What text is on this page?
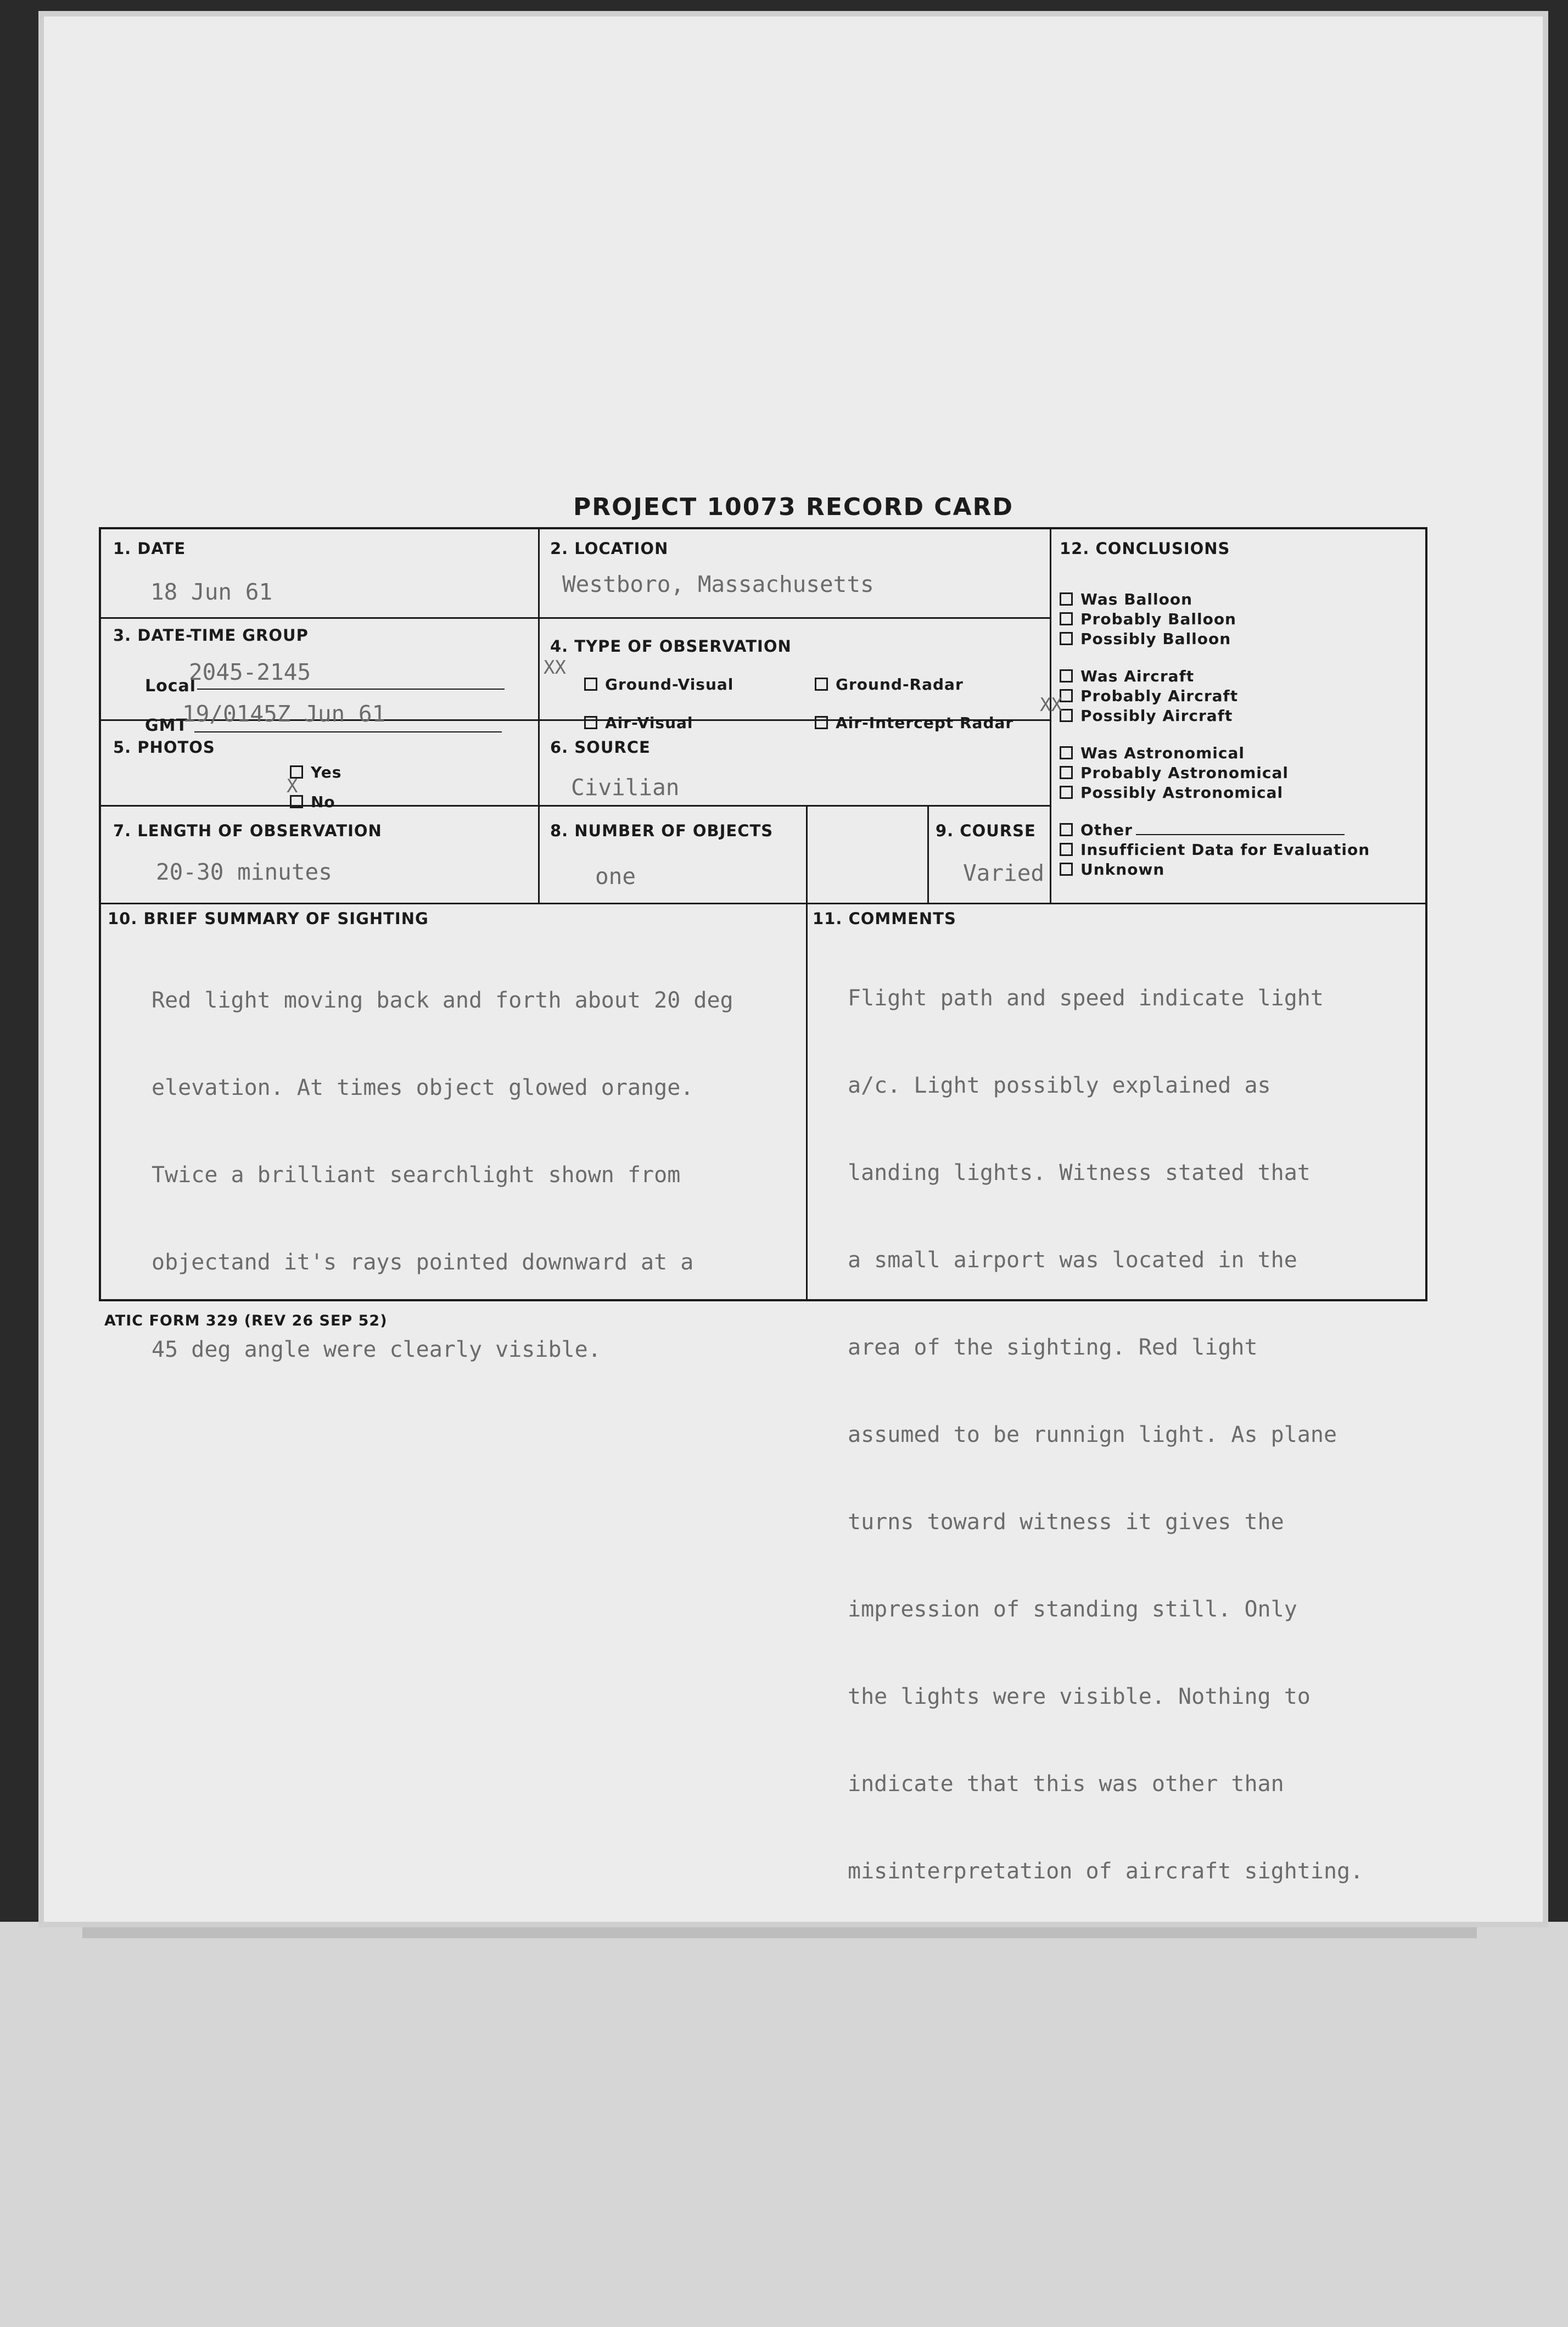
PROJECT 10073 RECORD CARD
1. DATE
18 Jun 61
2. LOCATION
Westboro, Massachusetts
3. DATE-TIME GROUP
Local
2045-2145
GMT
19/0145Z Jun 61
4. TYPE OF OBSERVATION
XX
Ground-Visual	Ground-Radar
Air-Visual	Air-Intercept Radar
5. PHOTOS
Yes
X
No
6. SOURCE
Civilian
7. LENGTH OF OBSERVATION
20-30 minutes
8. NUMBER OF OBJECTS
one
9. COURSE
Varied
10. BRIEF SUMMARY OF SIGHTING

Red light moving back and forth about 20 deg

elevation. At times object glowed orange.

Twice a brilliant searchlight shown from

objectand it's rays pointed downward at a

45 deg angle were clearly visible.

11. COMMENTS

Flight path and speed indicate light

a/c. Light possibly explained as

landing lights. Witness stated that

a small airport was located in the

area of the sighting. Red light

assumed to be runnign light. As plane

turns toward witness it gives the

impression of standing still. Only

the lights were visible. Nothing to

indicate that this was other than

misinterpretation of aircraft sighting.

12. CONCLUSIONS
Was Balloon
Probably Balloon
Possibly Balloon
Was Aircraft
Probably Aircraft
Possibly Aircraft
XX
Was Astronomical
Probably Astronomical
Possibly Astronomical
Other
Insufficient Data for Evaluation
Unknown
ATIC FORM 329 (REV 26 SEP 52)
